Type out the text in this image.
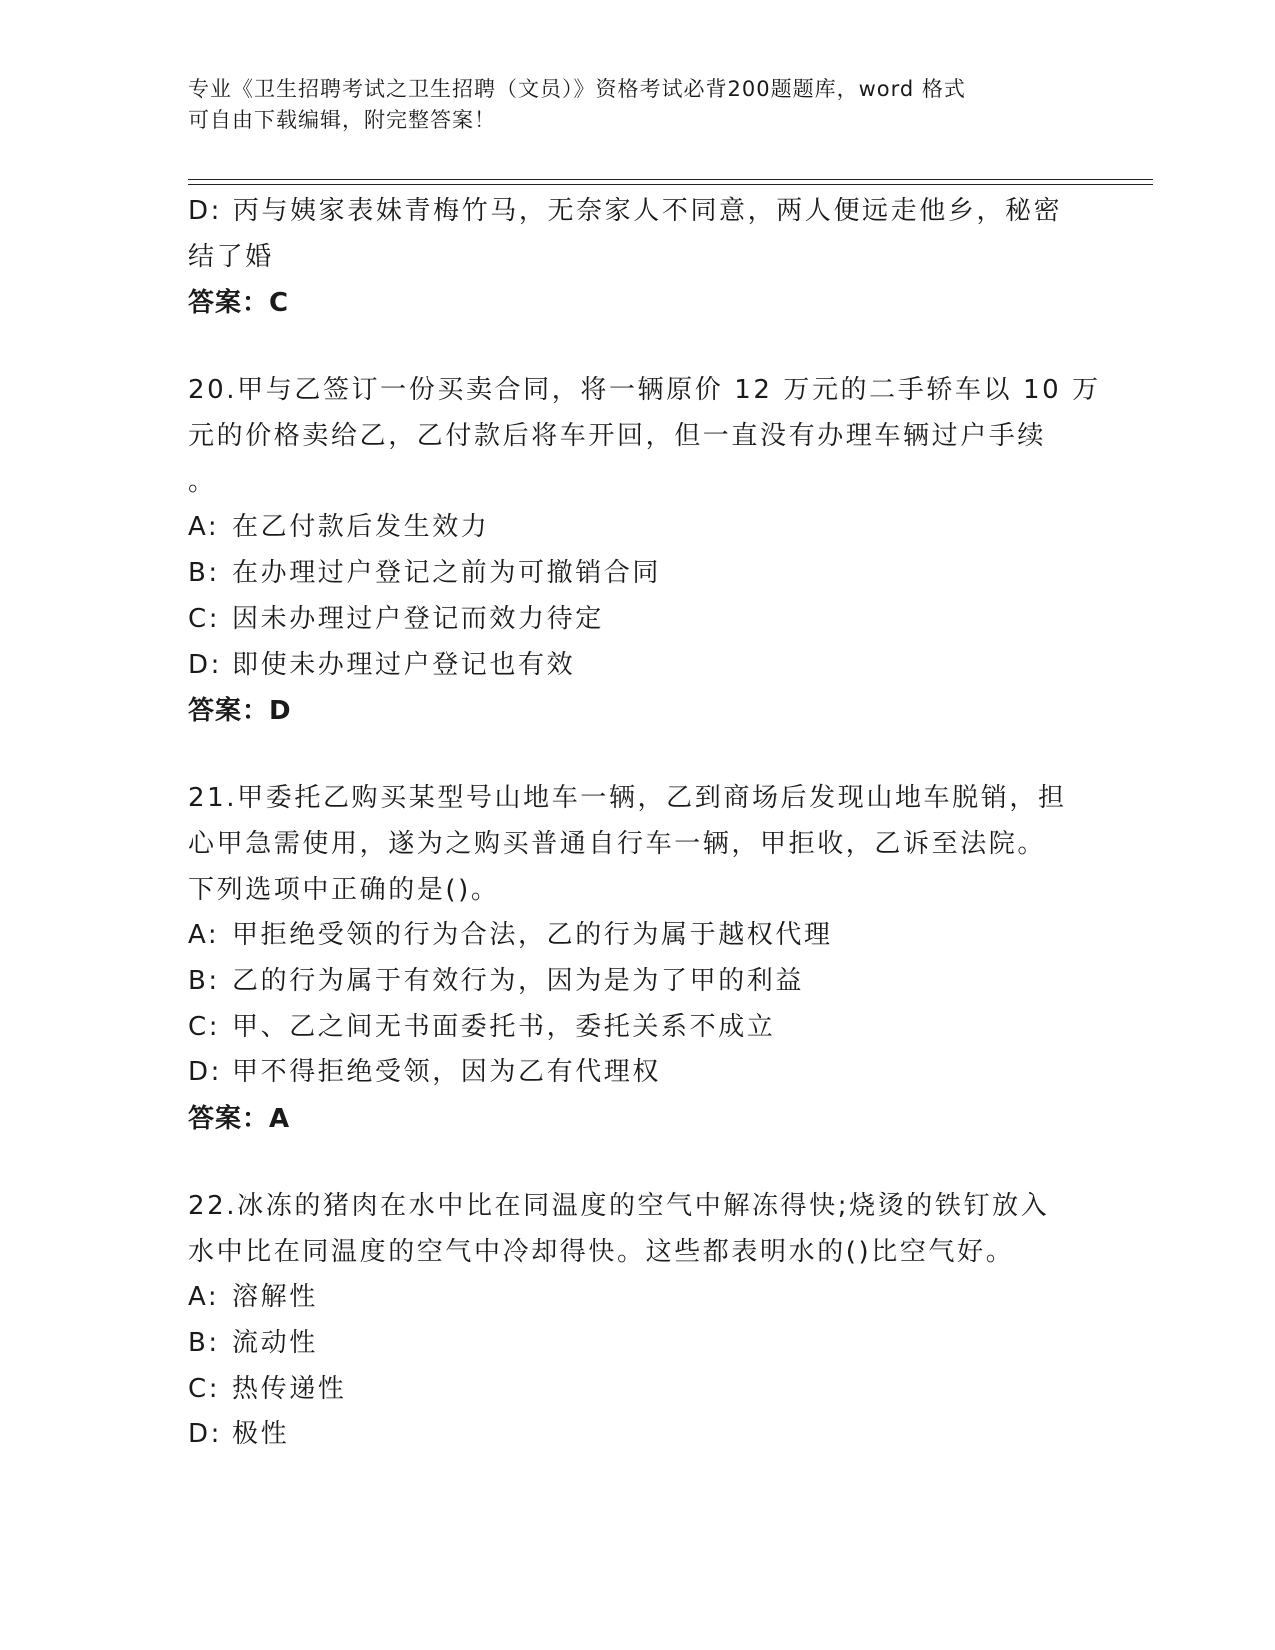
专业《卫生招聘考试之卫生招聘（文员）》资格考试必背200题题库，word 格式
可自由下载编辑，附完整答案！
D: 丙与姨家表妹青梅竹马，无奈家人不同意，两人便远走他乡，秘密
结了婚
答案：C
20.甲与乙签订一份买卖合同，将一辆原价 12 万元的二手轿车以 10 万
元的价格卖给乙，乙付款后将车开回，但一直没有办理车辆过户手续
。
A: 在乙付款后发生效力
B: 在办理过户登记之前为可撤销合同
C: 因未办理过户登记而效力待定
D: 即使未办理过户登记也有效
答案：D
21.甲委托乙购买某型号山地车一辆，乙到商场后发现山地车脱销，担
心甲急需使用，遂为之购买普通自行车一辆，甲拒收，乙诉至法院。
下列选项中正确的是()。
A: 甲拒绝受领的行为合法，乙的行为属于越权代理
B: 乙的行为属于有效行为，因为是为了甲的利益
C: 甲、乙之间无书面委托书，委托关系不成立
D: 甲不得拒绝受领，因为乙有代理权
答案：A
22.冰冻的猪肉在水中比在同温度的空气中解冻得快;烧烫的铁钉放入
水中比在同温度的空气中冷却得快。这些都表明水的()比空气好。
A: 溶解性
B: 流动性
C: 热传递性
D: 极性
